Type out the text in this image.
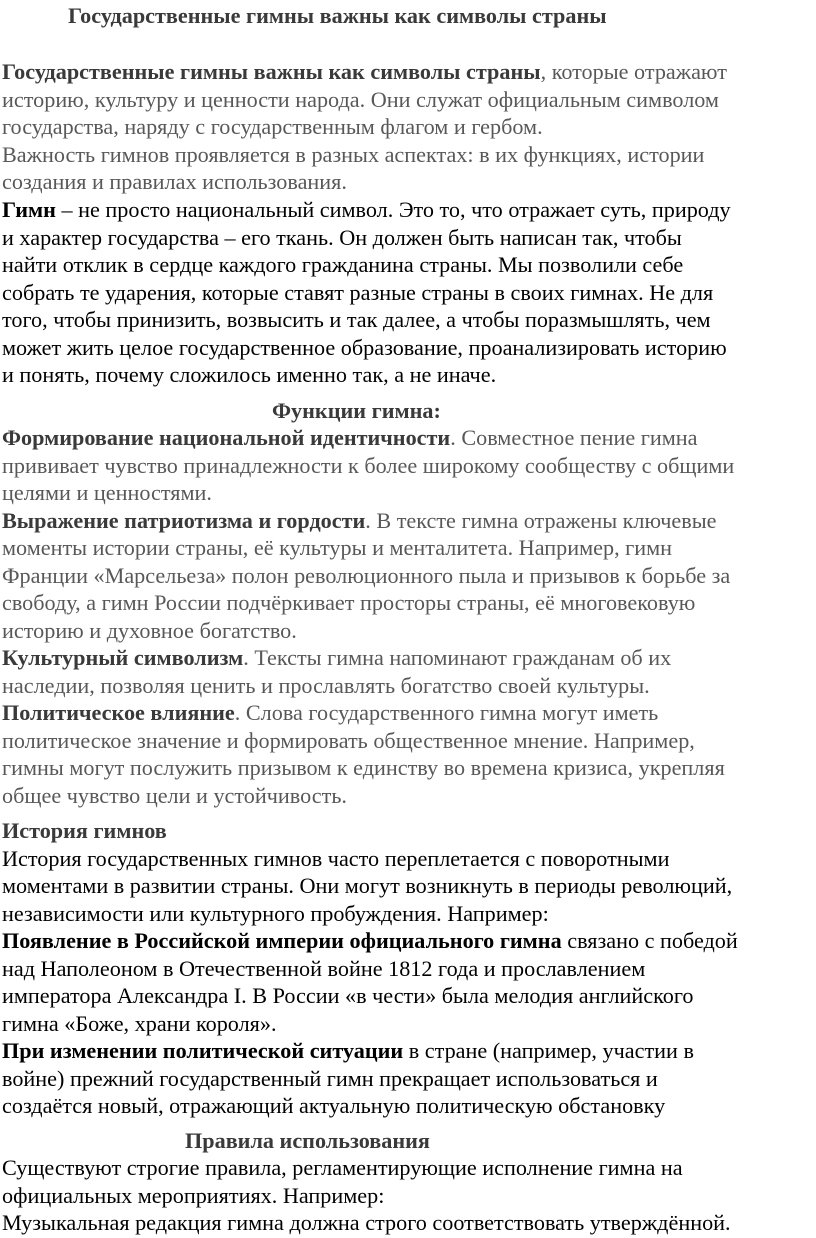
Государственные гимны важны как символы страны

Государственные гимны важны как символы страны, которые отражают

историю, культуру и ценности народа. Они служат официальным символом

государства, наряду с государственным флагом и гербом.

Важность гимнов проявляется в разных аспектах: в их функциях, истории

создания и правилах использования.

Гимн – не просто национальный символ. Это то, что отражает суть, природу

и характер государства – его ткань. Он должен быть написан так, чтобы

найти отклик в сердце каждого гражданина страны. Мы позволили себе

собрать те ударения, которые ставят разные страны в своих гимнах. Не для

того, чтобы принизить, возвысить и так далее, а чтобы поразмышлять, чем

может жить целое государственное образование, проанализировать историю

и понять, почему сложилось именно так, а не иначе.

Функции гимна:

Формирование национальной идентичности. Совместное пение гимна

прививает чувство принадлежности к более широкому сообществу с общими

целями и ценностями.

Выражение патриотизма и гордости. В тексте гимна отражены ключевые

моменты истории страны, её культуры и менталитета. Например, гимн

Франции «Марсельеза» полон революционного пыла и призывов к борьбе за

свободу, а гимн России подчёркивает просторы страны, её многовековую

историю и духовное богатство.

Культурный символизм. Тексты гимна напоминают гражданам об их

наследии, позволяя ценить и прославлять богатство своей культуры.

Политическое влияние. Слова государственного гимна могут иметь

политическое значение и формировать общественное мнение. Например,

гимны могут послужить призывом к единству во времена кризиса, укрепляя

общее чувство цели и устойчивость.

История гимнов

История государственных гимнов часто переплетается с поворотными

моментами в развитии страны. Они могут возникнуть в периоды революций,

независимости или культурного пробуждения. Например:

Появление в Российской империи официального гимна связано с победой

над Наполеоном в Отечественной войне 1812 года и прославлением

императора Александра I. В России «в чести» была мелодия английского

гимна «Боже, храни короля».

При изменении политической ситуации в стране (например, участии в

войне) прежний государственный гимн прекращает использоваться и

создаётся новый, отражающий актуальную политическую обстановку

Правила использования

Существуют строгие правила, регламентирующие исполнение гимна на

официальных мероприятиях. Например:

Музыкальная редакция гимна должна строго соответствовать утверждённой.
